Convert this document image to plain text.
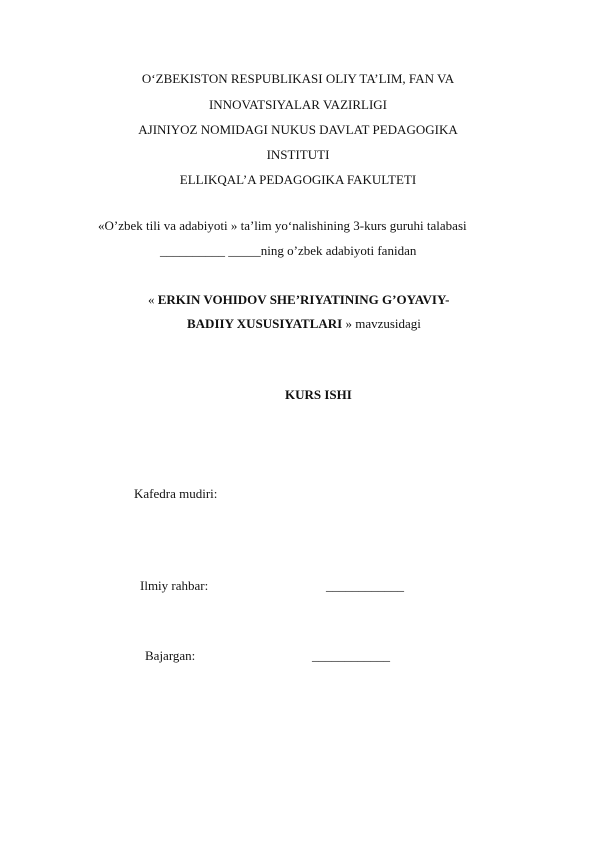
O‘ZBEKISTON RESPUBLIKASI OLIY TA’LIM, FAN VA
INNOVATSIYALAR VAZIRLIGI
AJINIYOZ NOMIDAGI NUKUS DAVLAT PEDAGOGIKA
INSTITUTI
ELLIKQAL’A PEDAGOGIKA FAKULTETI
«O’zbek tili va adabiyoti » ta’lim yo‘nalishining 3-kurs guruhi talabasi
__________ _____ning o’zbek adabiyoti fanidan
« ERKIN VOHIDOV SHE’RIYATINING G’OYAVIY-
BADIIY XUSUSIYATLARI » mavzusidagi
KURS ISHI
Kafedra mudiri:
Ilmiy rahbar:	____________
Bajargan:	____________
